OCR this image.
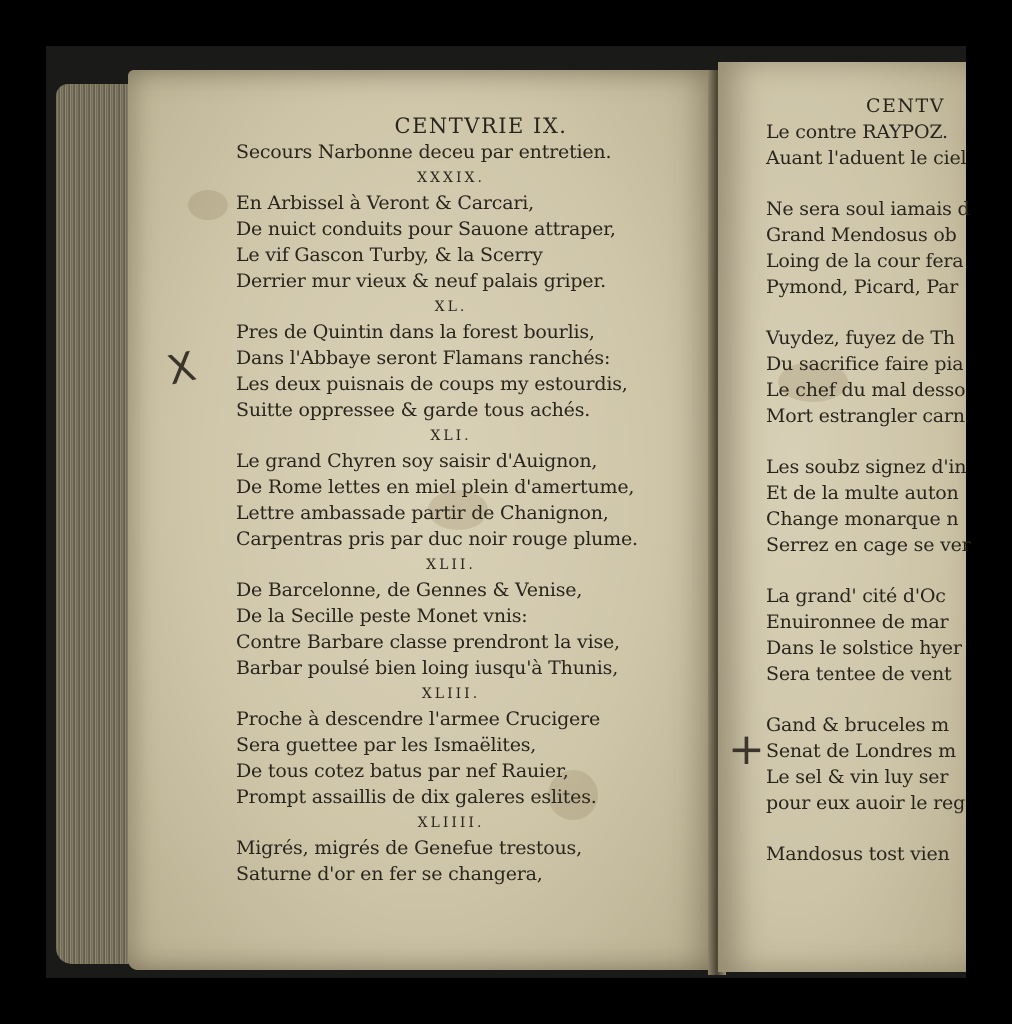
CENTVRIE IX.
Secours Narbonne deceu par entretien.
XXXIX.
En Arbissel à Veront & Carcari,
De nuict conduits pour Sauone attraper,
Le vif Gascon Turby, & la Scerry
Derrier mur vieux & neuf palais griper.
XL.
Pres de Quintin dans la forest bourlis,
Dans l'Abbaye seront Flamans ranchés:
Les deux puisnais de coups my estourdis,
Suitte oppressee & garde tous achés.
XLI.
Le grand Chyren soy saisir d'Auignon,
De Rome lettes en miel plein d'amertume,
Lettre ambassade partir de Chanignon,
Carpentras pris par duc noir rouge plume.
XLII.
De Barcelonne, de Gennes & Venise,
De la Secille peste Monet vnis:
Contre Barbare classe prendront la vise,
Barbar poulsé bien loing iusqu'à Thunis,
XLIII.
Proche à descendre l'armee Crucigere
Sera guettee par les Ismaëlites,
De tous cotez batus par nef Rauier,
Prompt assaillis de dix galeres eslites.
XLIIII.
Migrés, migrés de Genefue trestous,
Saturne d'or en fer se changera,
CENTV
Le contre RAYPOZ.
Auant l'aduent le ciel
Ne sera soul iamais d
Grand Mendosus ob
Loing de la cour fera
Pymond, Picard, Par
Vuydez, fuyez de Th
Du sacrifice faire pia
Le chef du mal desso
Mort estrangler carn
Les soubz signez d'in
Et de la multe auton
Change monarque n
Serrez en cage se ver
La grand' cité d'Oc
Enuironnee de mar
Dans le solstice hyer
Sera tentee de vent
Gand & bruceles m
Senat de Londres m
Le sel & vin luy ser
pour eux auoir le reg
Mandosus tost vien
X
+
